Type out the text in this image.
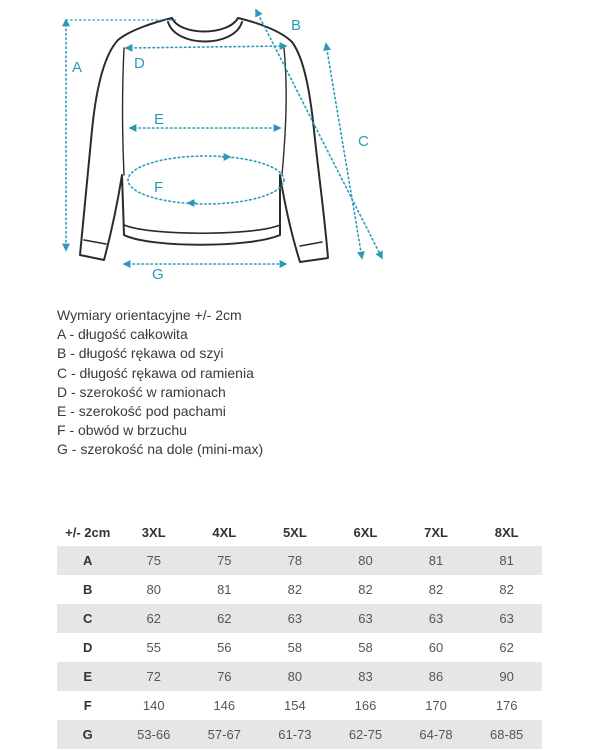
A
B
C
D
E
F
G
Wymiary orientacyjne +/- 2cm
A - długość całkowita
B - długość rękawa od szyi
C - długość rękawa od ramienia
D - szerokość w ramionach
E - szerokość pod pachami
F - obwód w brzuchu
G - szerokość na dole (mini-max)
+/- 2cm	3XL	4XL	5XL	6XL	7XL	8XL
A	75	75	78	80	81	81
B	80	81	82	82	82	82
C	62	62	63	63	63	63
D	55	56	58	58	60	62
E	72	76	80	83	86	90
F	140	146	154	166	170	176
G	53-66	57-67	61-73	62-75	64-78	68-85
